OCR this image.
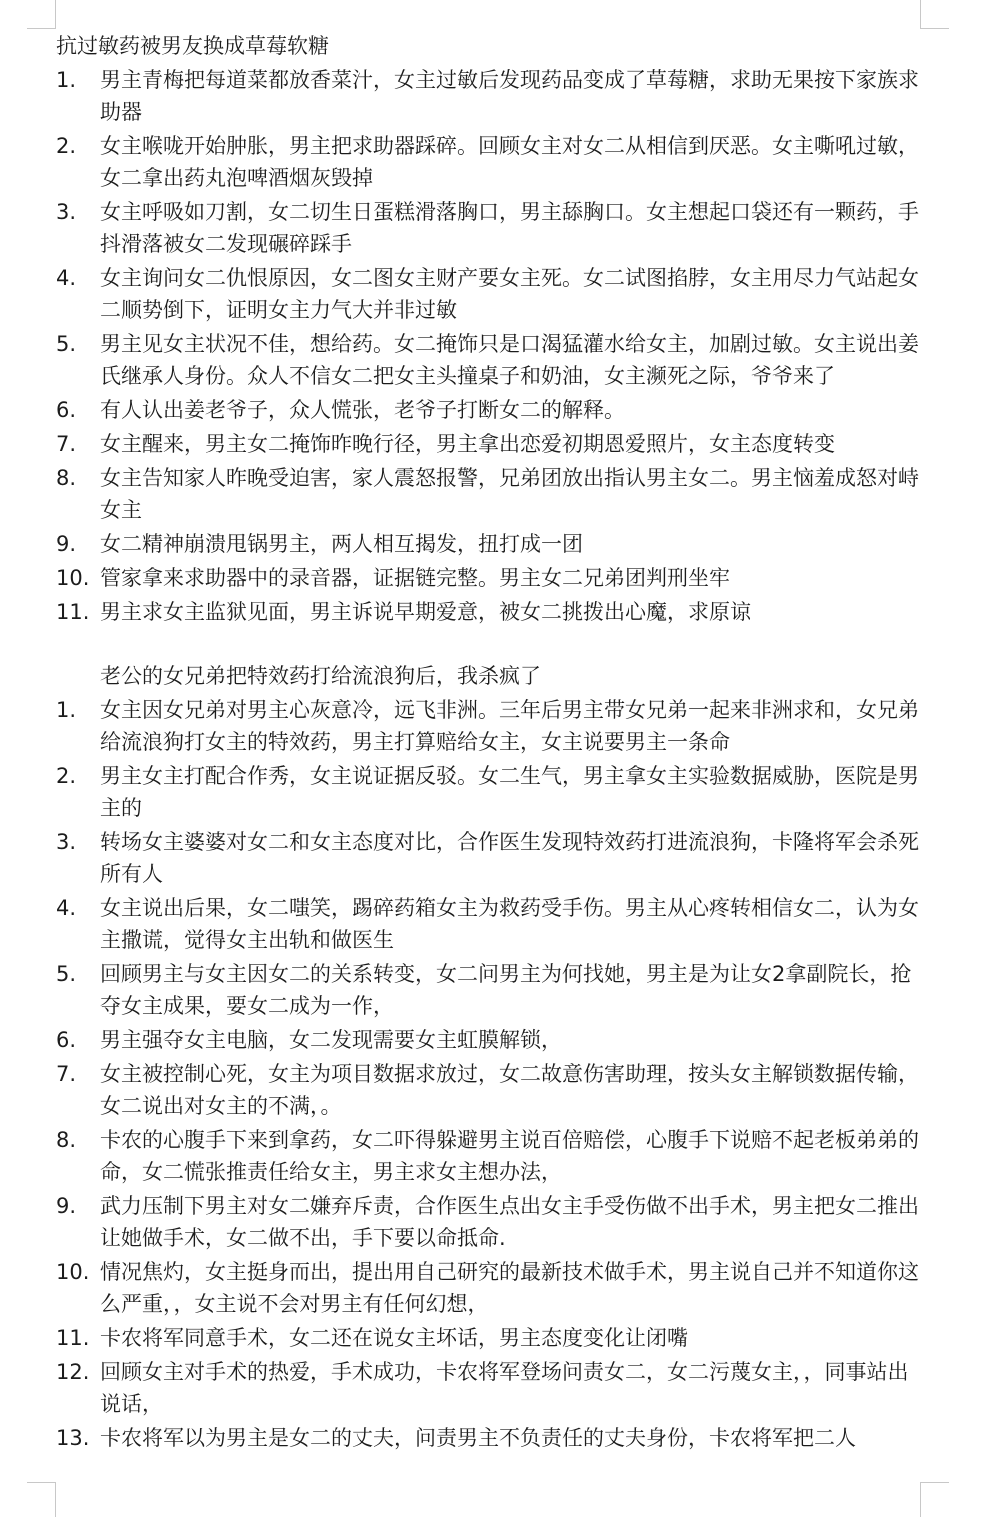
抗过敏药被男友换成草莓软糖
1.	男主青梅把每道菜都放香菜汁，女主过敏后发现药品变成了草莓糖，求助无果按下家族求助器
2.	女主喉咙开始肿胀，男主把求助器踩碎。回顾女主对女二从相信到厌恶。女主嘶吼过敏，女二拿出药丸泡啤酒烟灰毁掉
3.	女主呼吸如刀割，女二切生日蛋糕滑落胸口，男主舔胸口。女主想起口袋还有一颗药，手抖滑落被女二发现碾碎踩手
4.	女主询问女二仇恨原因，女二图女主财产要女主死。女二试图掐脖，女主用尽力气站起女二顺势倒下，证明女主力气大并非过敏
5.	男主见女主状况不佳，想给药。女二掩饰只是口渴猛灌水给女主，加剧过敏。女主说出姜氏继承人身份。众人不信女二把女主头撞桌子和奶油，女主濒死之际，爷爷来了
6.	有人认出姜老爷子，众人慌张，老爷子打断女二的解释。
7.	女主醒来，男主女二掩饰昨晚行径，男主拿出恋爱初期恩爱照片，女主态度转变
8.	女主告知家人昨晚受迫害，家人震怒报警，兄弟团放出指认男主女二。男主恼羞成怒对峙女主
9.	女二精神崩溃甩锅男主，两人相互揭发，扭打成一团
10. 管家拿来求助器中的录音器，证据链完整。男主女二兄弟团判刑坐牢
11. 男主求女主监狱见面，男主诉说早期爱意，被女二挑拨出心魔，求原谅
老公的女兄弟把特效药打给流浪狗后，我杀疯了
1.	女主因女兄弟对男主心灰意冷，远飞非洲。三年后男主带女兄弟一起来非洲求和，女兄弟给流浪狗打女主的特效药，男主打算赔给女主，女主说要男主一条命
2.	男主女主打配合作秀，女主说证据反驳。女二生气，男主拿女主实验数据威胁，医院是男主的
3.	转场女主婆婆对女二和女主态度对比，合作医生发现特效药打进流浪狗，卡隆将军会杀死所有人
4.	女主说出后果，女二嗤笑，踢碎药箱女主为救药受手伤。男主从心疼转相信女二，认为女主撒谎，觉得女主出轨和做医生
5.	回顾男主与女主因女二的关系转变，女二问男主为何找她，男主是为让女2拿副院长，抢夺女主成果，要女二成为一作，
6.	男主强夺女主电脑，女二发现需要女主虹膜解锁，
7.	女主被控制心死，女主为项目数据求放过，女二故意伤害助理，按头女主解锁数据传输，女二说出对女主的不满，。
8.	卡农的心腹手下来到拿药，女二吓得躲避男主说百倍赔偿，心腹手下说赔不起老板弟弟的命，女二慌张推责任给女主，男主求女主想办法，
9.	武力压制下男主对女二嫌弃斥责，合作医生点出女主手受伤做不出手术，男主把女二推出让她做手术，女二做不出，手下要以命抵命.
10. 情况焦灼，女主挺身而出，提出用自己研究的最新技术做手术，男主说自己并不知道你这么严重，，女主说不会对男主有任何幻想，
11. 卡农将军同意手术，女二还在说女主坏话，男主态度变化让闭嘴
12. 回顾女主对手术的热爱，手术成功，卡农将军登场问责女二，女二污蔑女主，，同事站出说话，
13. 卡农将军以为男主是女二的丈夫，问责男主不负责任的丈夫身份，卡农将军把二人
